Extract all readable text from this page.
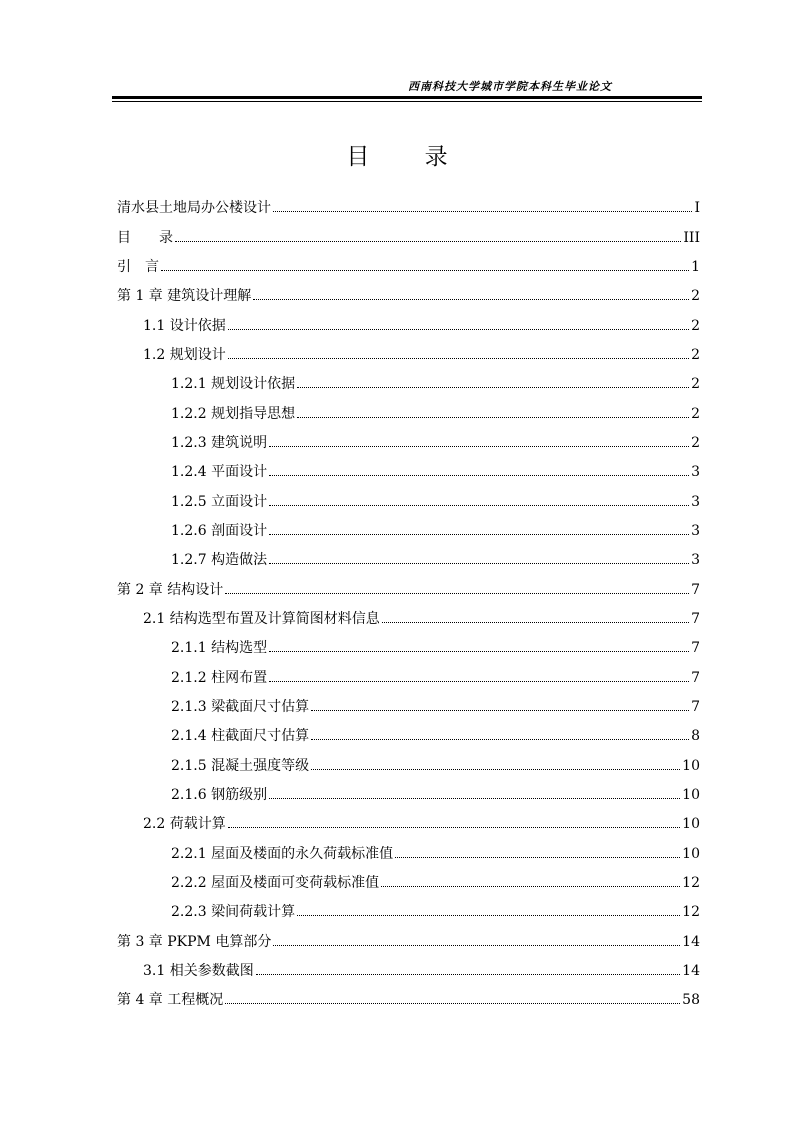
西南科技大学城市学院本科生毕业论文
目 录
清水县土地局办公楼设计	I
目　　录	III
引　言	1
第 1 章 建筑设计理解	2
1.1 设计依据	2
1.2 规划设计	2
1.2.1 规划设计依据	2
1.2.2 规划指导思想	2
1.2.3 建筑说明	2
1.2.4 平面设计	3
1.2.5 立面设计	3
1.2.6 剖面设计	3
1.2.7 构造做法	3
第 2 章 结构设计	7
2.1 结构选型布置及计算简图材料信息	7
2.1.1 结构选型	7
2.1.2 柱网布置	7
2.1.3 梁截面尺寸估算	7
2.1.4 柱截面尺寸估算	8
2.1.5 混凝土强度等级	10
2.1.6 钢筋级别	10
2.2 荷载计算	10
2.2.1 屋面及楼面的永久荷载标准值	10
2.2.2 屋面及楼面可变荷载标准值	12
2.2.3 梁间荷载计算	12
第 3 章 PKPM 电算部分	14
3.1 相关参数截图	14
第 4 章 工程概况	58
